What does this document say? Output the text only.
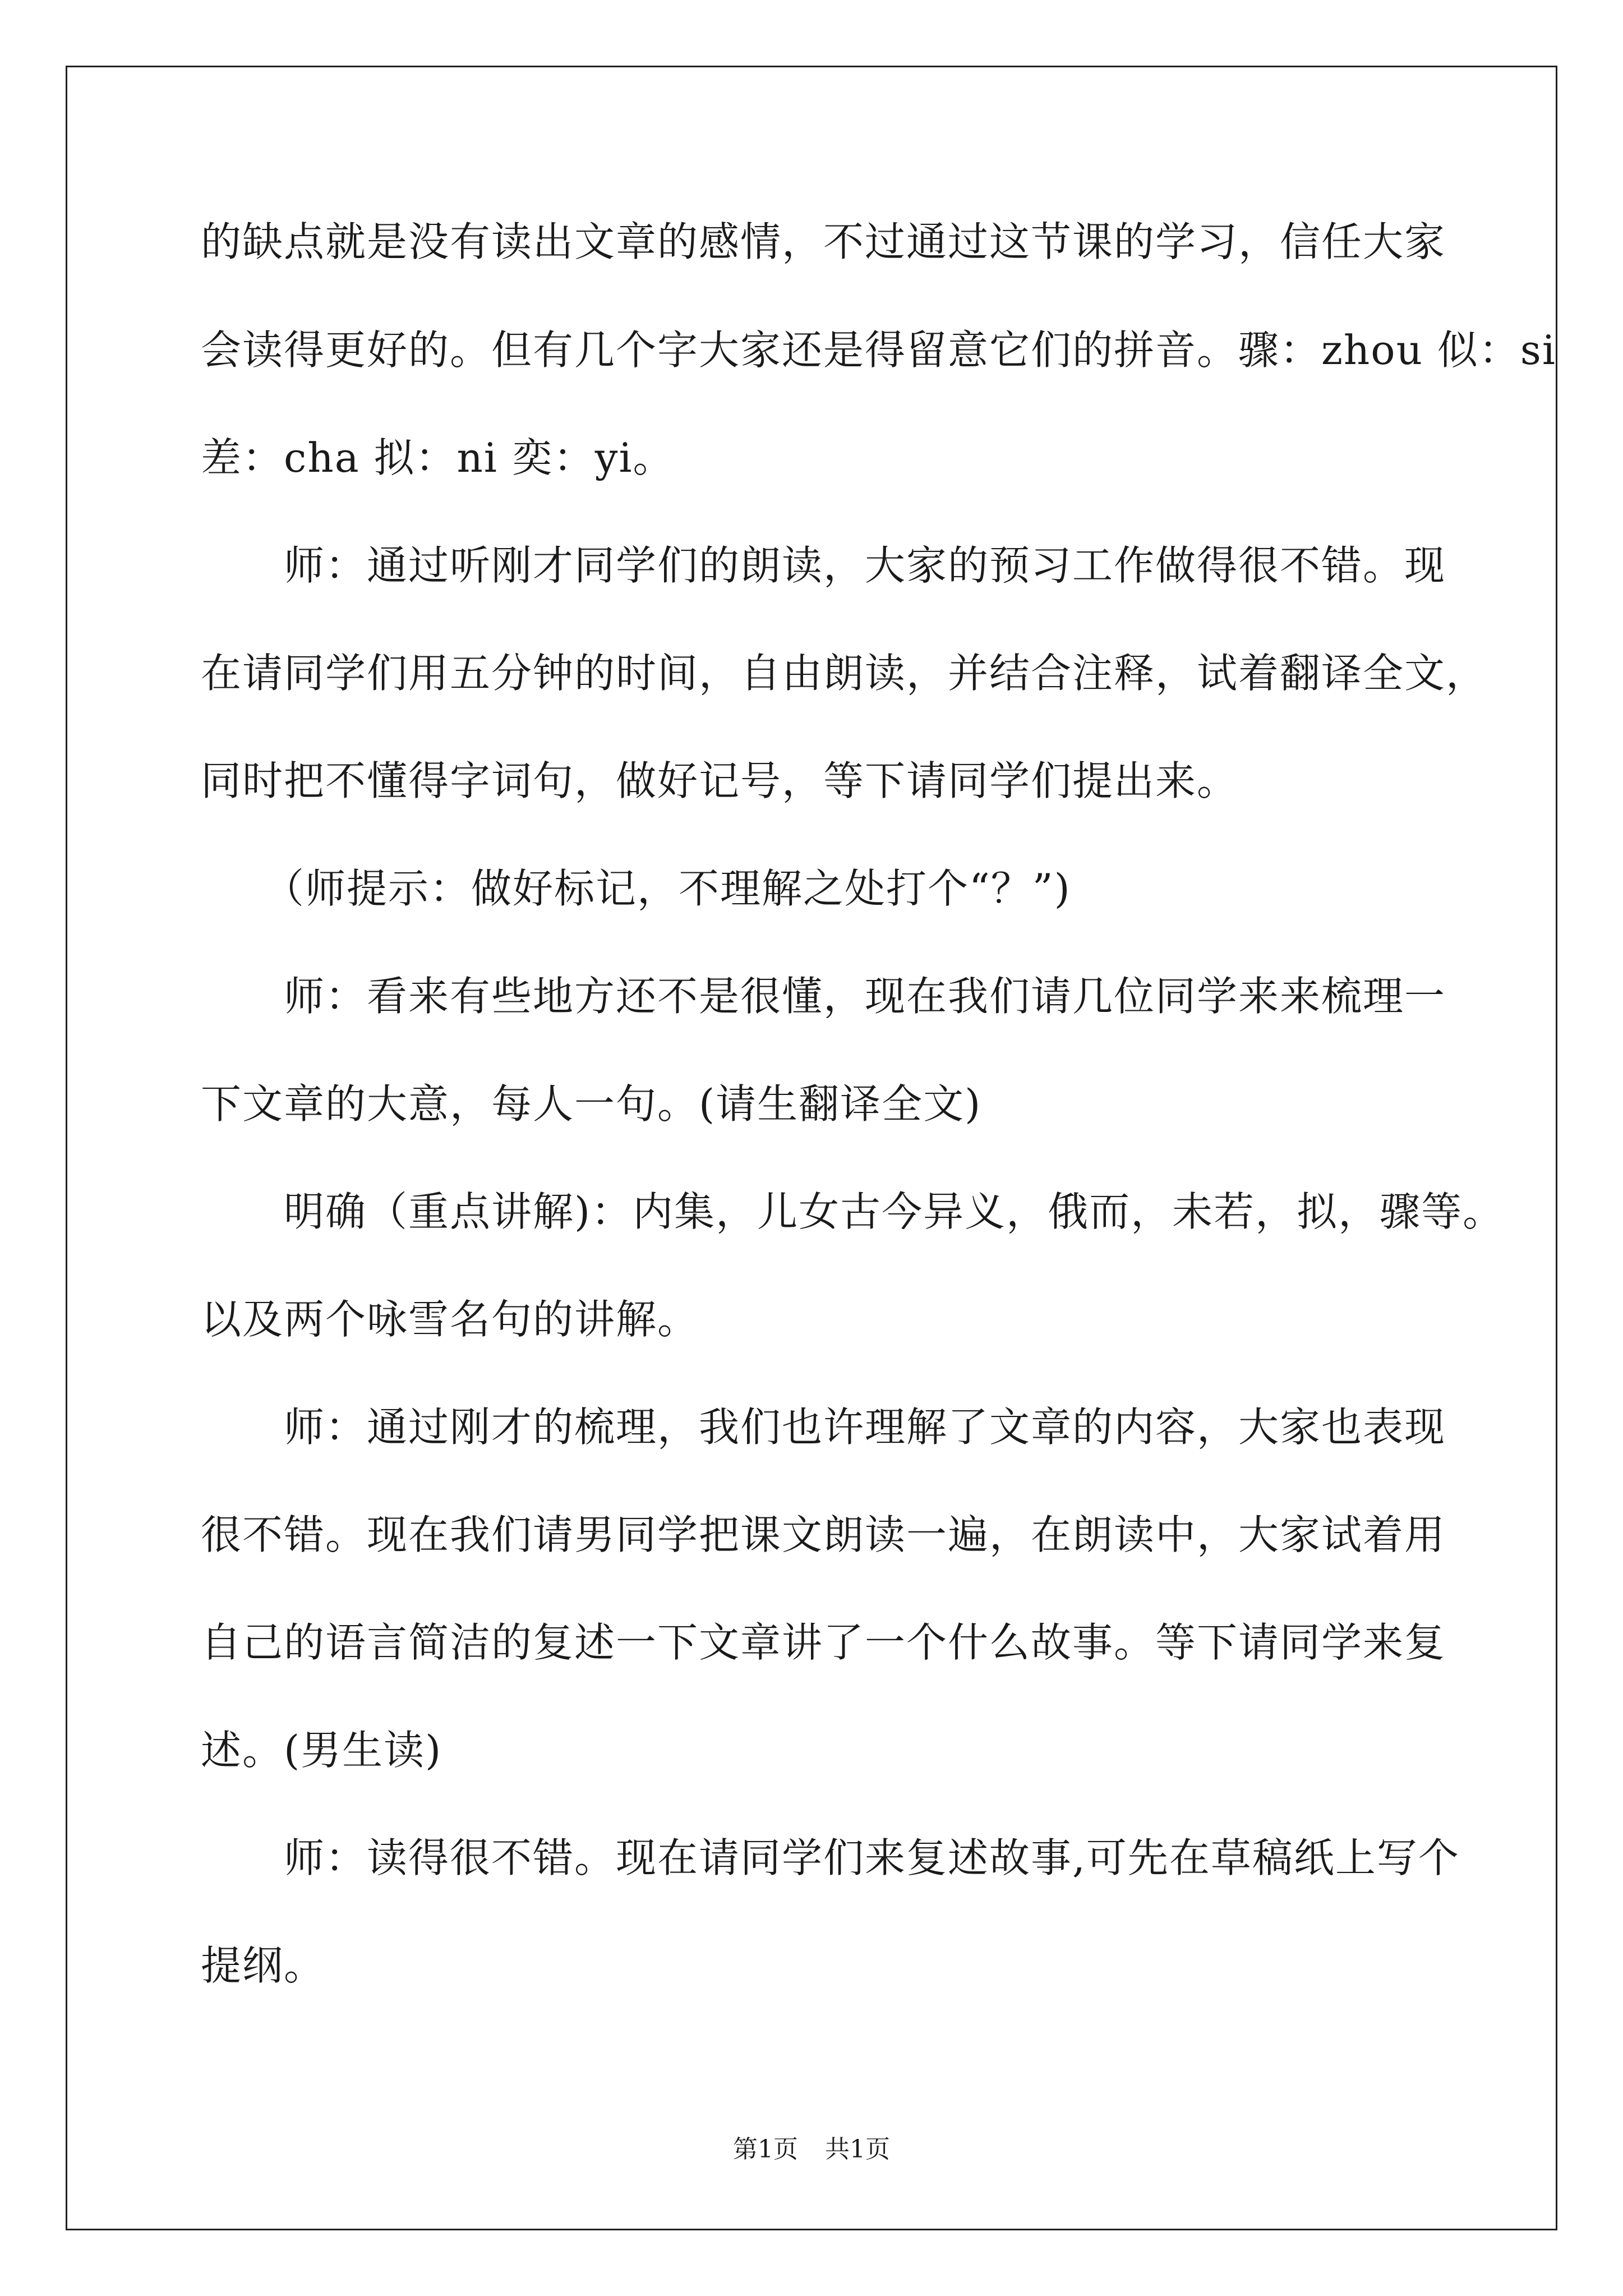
的缺点就是没有读出文章的感情，不过通过这节课的学习，信任大家
会读得更好的。但有几个字大家还是得留意它们的拼音。骤：zhou 似：si
差：cha 拟：ni 奕：yi。
　　师：通过听刚才同学们的朗读，大家的预习工作做得很不错。现
在请同学们用五分钟的时间，自由朗读，并结合注释，试着翻译全文，
同时把不懂得字词句，做好记号，等下请同学们提出来。
　　（师提示：做好标记，不理解之处打个“？”)
　　师：看来有些地方还不是很懂，现在我们请几位同学来来梳理一
下文章的大意，每人一句。(请生翻译全文)
　　明确（重点讲解)：内集，儿女古今异义，俄而，未若，拟，骤等。
以及两个咏雪名句的讲解。
　　师：通过刚才的梳理，我们也许理解了文章的内容，大家也表现
很不错。现在我们请男同学把课文朗读一遍，在朗读中，大家试着用
自己的语言简洁的复述一下文章讲了一个什么故事。等下请同学来复
述。(男生读)
　　师：读得很不错。现在请同学们来复述故事,可先在草稿纸上写个
提纲。
第1页 共1页
